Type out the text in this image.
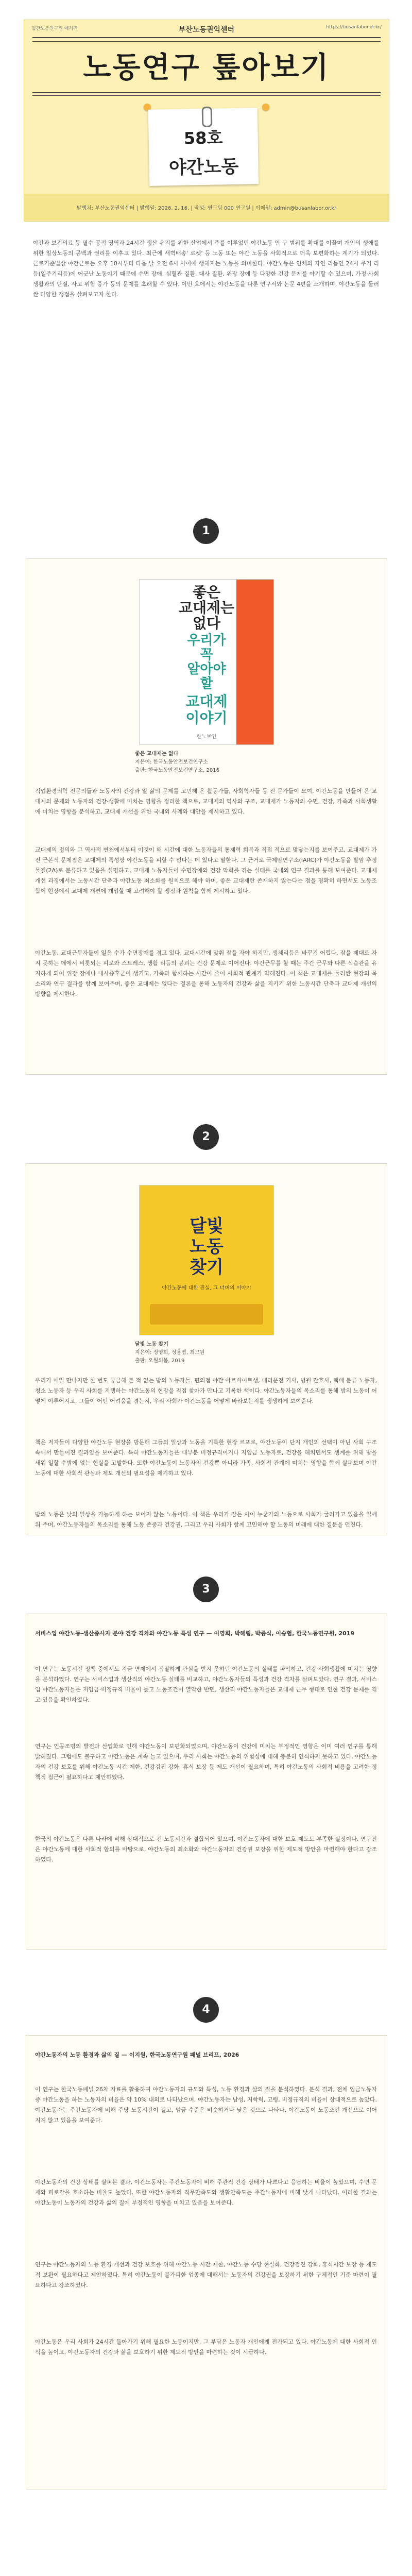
월간노동연구원 매거진	부산노동권익센터	https://busanlabor.or.kr/
노동연구 톺아보기
58호
야간노동
발행처: 부산노동권익센터 | 발행일: 2026. 2. 16. | 작성: 연구팀 000 연구원 | 이메일: admin@busanlabor.or.kr
야간과 보건의료 등 필수 공적 영역과 24시간 생산 유지를 위한 산업에서 주를 이루었던 야간노동 인 구 범위를 확대를 이끌며 개인의 생애를 위한 일상노동의 공백과 권리를 이후고 있다. 최근에 새벽배송' 로켓' 등 노동 또는 야간 노동을 사회적으로 더욱 보편화하는 계기가 되었다. 근로기준법상 야간근로는 오후 10시부터 다음 날 오전 6시 사이에 행해지는 노동을 의미한다. 야간노동은 인체의 자연 리듬인 24시 주기 리듬(일주기리듬)에 어긋난 노동이기 때문에 수면 장애, 심혈관 질환, 대사 질환, 위장 장애 등 다양한 건강 문제를 야기할 수 있으며, 가정·사회생활과의 단절, 사고 위험 증가 등의 문제를 초래할 수 있다. 이번 호에서는 야간노동을 다룬 연구서와 논문 4편을 소개하며, 야간노동을 둘러싼 다양한 쟁점을 살펴보고자 한다.
1
좋은
교대제는
없다
우리가
꼭
알아야
할
교대제
이야기
한노보연
좋은 교대제는 없다
지은이: 한국노동안전보건연구소
출판: 한국노동안전보건연구소, 2016
직업환경의학 전문의들과 노동자의 건강과 일 삶의 문제를 고민해 온 활동가들, 사회학자들 등 전 문가들이 모여, 야간노동을 만들어 온 교대제의 문제와 노동자의 건강·생활에 미치는 영향을 정리한 책으로, 교대제의 역사와 구조, 교대제가 노동자의 수면, 건강, 가족과 사회생활에 미치는 영향을 분석하고, 교대제 개선을 위한 국내외 사례와 대안을 제시하고 있다.
교대제의 정의와 그 역사적 변천에서부터 이것이 왜 시간에 대한 노동자들의 통제력 회복과 직접 적으로 맞닿는지를 보여주고, 교대제가 가진 근본적 문제점은 교대제의 특성상 야간노동을 피할 수 없다는 데 있다고 말한다. 그 근거로 국제암연구소(IARC)가 야간노동을 발암 추정물질(2A)로 분류하고 있음을 설명하고, 교대제 노동자들이 수면장애와 건강 악화를 겪는 실태를 국내외 연구 결과를 통해 보여준다. 교대제 개선 과정에서는 노동시간 단축과 야간노동 최소화를 원칙으로 해야 하며, 좋은 교대제란 존재하지 않는다는 점을 명확히 하면서도 노동조합이 현장에서 교대제 개편에 개입할 때 고려해야 할 쟁점과 원칙을 함께 제시하고 있다.
야간노동, 교대근무자들이 일은 수가 수면장애를 겪고 있다. 교대시간에 맞춰 잠을 자야 하지만, 생체리듬은 바꾸기 어렵다. 잠을 제대로 자지 못하는 데에서 비롯되는 피로와 스트레스, 생활 리듬의 붕괴는 건강 문제로 이어진다. 야간근무를 할 때는 주간 근무와 다른 식습관을 유지하게 되어 위장 장애나 대사증후군이 생기고, 가족과 함께하는 시간이 줄어 사회적 관계가 약해진다. 이 책은 교대제를 둘러싼 현장의 목소리와 연구 결과를 함께 보여주며, 좋은 교대제는 없다는 결론을 통해 노동자의 건강과 삶을 지키기 위한 노동시간 단축과 교대제 개선의 방향을 제시한다.
2
달빛
노동
찾기
야간노동에 대한 진실, 그 너머의 이야기
달빛 노동 찾기
지은이: 정영희, 정용엽, 최고원
출판: 오월의봄, 2019
우리가 매일 만나지만 한 번도 궁금해 본 적 없는 밤의 노동자들. 편의점 야간 아르바이트생, 대리운전 기사, 병원 간호사, 택배 분류 노동자, 청소 노동자 등 우리 사회를 지탱하는 야간노동의 현장을 직접 찾아가 만나고 기록한 책이다. 야간노동자들의 목소리를 통해 밤의 노동이 어떻게 이루어지고, 그들이 어떤 어려움을 겪는지, 우리 사회가 야간노동을 어떻게 바라보는지를 생생하게 보여준다.
책은 저자들이 다양한 야간노동 현장을 방문해 그들의 일상과 노동을 기록한 현장 르포로, 야간노동이 단지 개인의 선택이 아닌 사회 구조 속에서 만들어진 결과임을 보여준다. 특히 야간노동자들은 대부분 비정규직이거나 저임금 노동자로, 건강을 해치면서도 생계를 위해 밤을 새워 일할 수밖에 없는 현실을 고발한다. 또한 야간노동이 노동자의 건강뿐 아니라 가족, 사회적 관계에 미치는 영향을 함께 살펴보며 야간노동에 대한 사회적 관심과 제도 개선의 필요성을 제기하고 있다.
밤의 노동은 낮의 일상을 가능하게 하는 보이지 않는 노동이다. 이 책은 우리가 잠든 사이 누군가의 노동으로 사회가 굴러가고 있음을 일깨워 주며, 야간노동자들의 목소리를 통해 노동 존중과 건강권, 그리고 우리 사회가 함께 고민해야 할 노동의 미래에 대한 질문을 던진다.
3
서비스업 야간노동-생산종사자 분야 건강 격차와 야간노동 특성 연구 — 이영희, 박혜림, 박종식, 이승협, 한국노동연구원, 2019
이 연구는 노동시간 정책 중에서도 지금 면제에서 적절하게 관심을 받지 못하던 야간노동의 실태를 파악하고, 건강·사회생활에 미치는 영향을 분석하였다. 연구는 서비스업과 생산직의 야간노동 실태를 비교하고, 야간노동자들의 특성과 건강 격차를 살펴보았다. 연구 결과, 서비스업 야간노동자들은 저임금·비정규직 비율이 높고 노동조건이 열악한 반면, 생산직 야간노동자들은 교대제 근무 형태로 인한 건강 문제를 겪고 있음을 확인하였다.
연구는 인공조명의 발전과 산업화로 인해 야간노동이 보편화되었으며, 야간노동이 건강에 미치는 부정적인 영향은 이미 여러 연구를 통해 밝혀졌다. 그럼에도 불구하고 야간노동은 계속 늘고 있으며, 우리 사회는 야간노동의 위험성에 대해 충분히 인식하지 못하고 있다. 야간노동자의 건강 보호를 위해 야간노동 시간 제한, 건강검진 강화, 휴식 보장 등 제도 개선이 필요하며, 특히 야간노동의 사회적 비용을 고려한 정책적 접근이 필요하다고 제안하였다.
한국의 야간노동은 다른 나라에 비해 상대적으로 긴 노동시간과 결합되어 있으며, 야간노동자에 대한 보호 제도도 부족한 실정이다. 연구진은 야간노동에 대한 사회적 합의를 바탕으로, 야간노동의 최소화와 야간노동자의 건강권 보장을 위한 제도적 방안을 마련해야 한다고 강조하였다.
4
야간노동자의 노동 환경과 삶의 질 — 이지원, 한국노동연구원 패널 브리프, 2026
이 연구는 한국노동패널 26차 자료를 활용하여 야간노동자의 규모와 특성, 노동 환경과 삶의 질을 분석하였다. 분석 결과, 전체 임금노동자 중 야간노동을 하는 노동자의 비율은 약 10% 내외로 나타났으며, 야간노동자는 남성, 저학력, 고령, 비정규직의 비율이 상대적으로 높았다. 야간노동자는 주간노동자에 비해 주당 노동시간이 길고, 임금 수준은 비슷하거나 낮은 것으로 나타나, 야간노동이 노동조건 개선으로 이어지지 않고 있음을 보여준다.
야간노동자의 건강 상태를 살펴본 결과, 야간노동자는 주간노동자에 비해 주관적 건강 상태가 나쁘다고 응답하는 비율이 높았으며, 수면 문제와 피로감을 호소하는 비율도 높았다. 또한 야간노동자의 직무만족도와 생활만족도는 주간노동자에 비해 낮게 나타났다. 이러한 결과는 야간노동이 노동자의 건강과 삶의 질에 부정적인 영향을 미치고 있음을 보여준다.
연구는 야간노동자의 노동 환경 개선과 건강 보호를 위해 야간노동 시간 제한, 야간노동 수당 현실화, 건강검진 강화, 휴식시간 보장 등 제도적 보완이 필요하다고 제안하였다. 특히 야간노동이 불가피한 업종에 대해서는 노동자의 건강권을 보장하기 위한 구체적인 기준 마련이 필요하다고 강조하였다.
야간노동은 우리 사회가 24시간 돌아가기 위해 필요한 노동이지만, 그 부담은 노동자 개인에게 전가되고 있다. 야간노동에 대한 사회적 인식을 높이고, 야간노동자의 건강과 삶을 보호하기 위한 제도적 방안을 마련하는 것이 시급하다.
